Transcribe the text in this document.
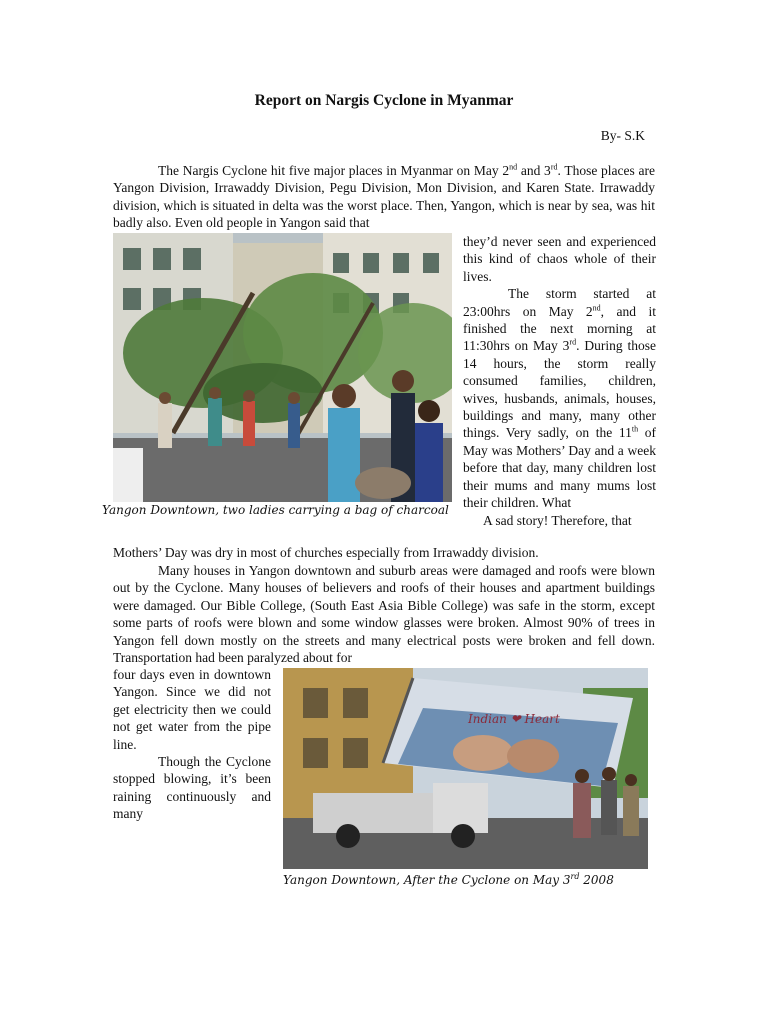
Report on Nargis Cyclone in Myanmar
By- S.K

The Nargis Cyclone hit five major places in Myanmar on May 2nd and 3rd. Those places are Yangon Division, Irrawaddy Division, Pegu Division, Mon Division, and Karen State. Irrawaddy division, which is situated in delta was the worst place. Then, Yangon, which is near by sea, was hit badly also. Even old people in Yangon said that

Yangon Downtown, two ladies carrying a bag of charcoal

they’d never seen and experienced this kind of chaos whole of their lives.

The storm started at 23:00hrs on May 2nd, and it finished the next morning at 11:30hrs on May 3rd. During those 14 hours, the storm really consumed families, children, wives, husbands, animals, houses, buildings and many, many other things. Very sadly, on the 11th of May was Mothers’ Day and a week before that day, many children lost their mums and many mums lost their children. What

A sad story! Therefore, that

Mothers’ Day was dry in most of churches especially from Irrawaddy division.

Many houses in Yangon downtown and suburb areas were damaged and roofs were blown out by the Cyclone. Many houses of believers and roofs of their houses and apartment buildings were damaged. Our Bible College, (South East Asia Bible College) was safe in the storm, except some parts of roofs were blown and some window glasses were broken. Almost 90% of trees in Yangon fell down mostly on the streets and many electrical posts were broken and fell down. Transportation had been paralyzed about for

four days even in downtown Yangon. Since we did not get electricity then we could not get water from the pipe line.

Though the Cyclone stopped blowing, it’s been raining continuously and many

Indian ❤ Heart
Yangon Downtown, After the Cyclone on May 3rd 2008
